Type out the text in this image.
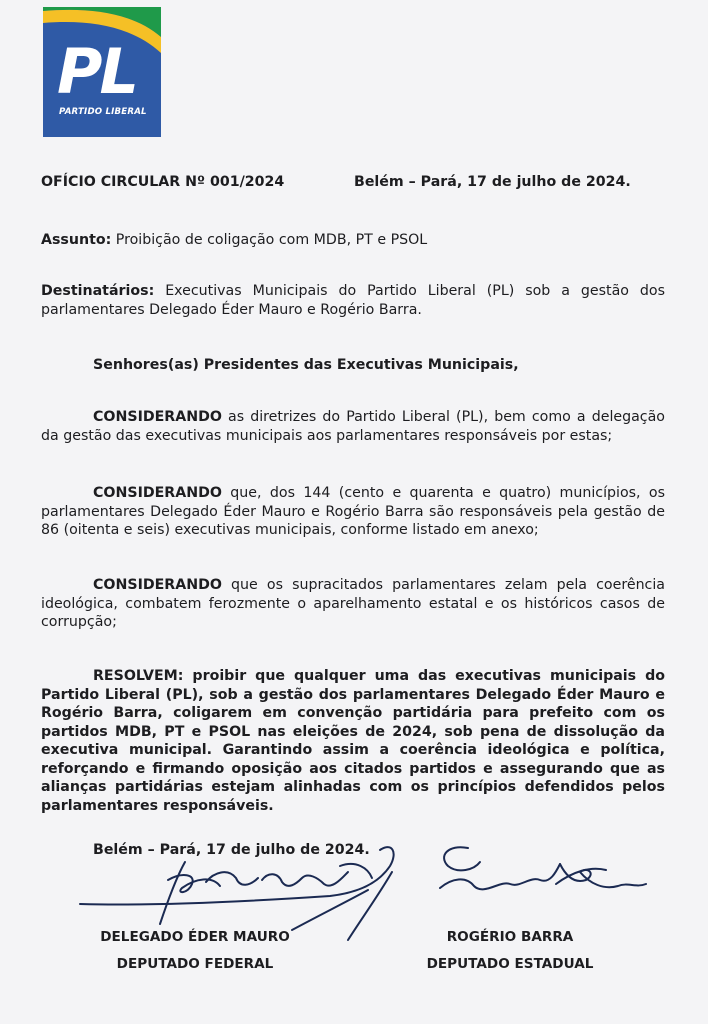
PL
PARTIDO LIBERAL
OFÍCIO CIRCULAR Nº 001/2024	Belém – Pará, 17 de julho de 2024.
Assunto: Proibição de coligação com MDB, PT e PSOL
Destinatários: Executivas Municipais do Partido Liberal (PL) sob a gestão dos parlamentares Delegado Éder Mauro e Rogério Barra.
Senhores(as) Presidentes das Executivas Municipais,
CONSIDERANDO as diretrizes do Partido Liberal (PL), bem como a delegação da gestão das executivas municipais aos parlamentares responsáveis por estas;
CONSIDERANDO que, dos 144 (cento e quarenta e quatro) municípios, os parlamentares Delegado Éder Mauro e Rogério Barra são responsáveis pela gestão de 86 (oitenta e seis) executivas municipais, conforme listado em anexo;
CONSIDERANDO que os supracitados parlamentares zelam pela coerência ideológica, combatem ferozmente o aparelhamento estatal e os históricos casos de corrupção;
RESOLVEM: proibir que qualquer uma das executivas municipais do Partido Liberal (PL), sob a gestão dos parlamentares Delegado Éder Mauro e Rogério Barra, coligarem em convenção partidária para prefeito com os partidos MDB, PT e PSOL nas eleições de 2024, sob pena de dissolução da executiva municipal. Garantindo assim a coerência ideológica e política, reforçando e firmando oposição aos citados partidos e assegurando que as alianças partidárias estejam alinhadas com os princípios defendidos pelos parlamentares responsáveis.
Belém – Pará, 17 de julho de 2024.
DELEGADO ÉDER MAURO
DEPUTADO FEDERAL
ROGÉRIO BARRA
DEPUTADO ESTADUAL
